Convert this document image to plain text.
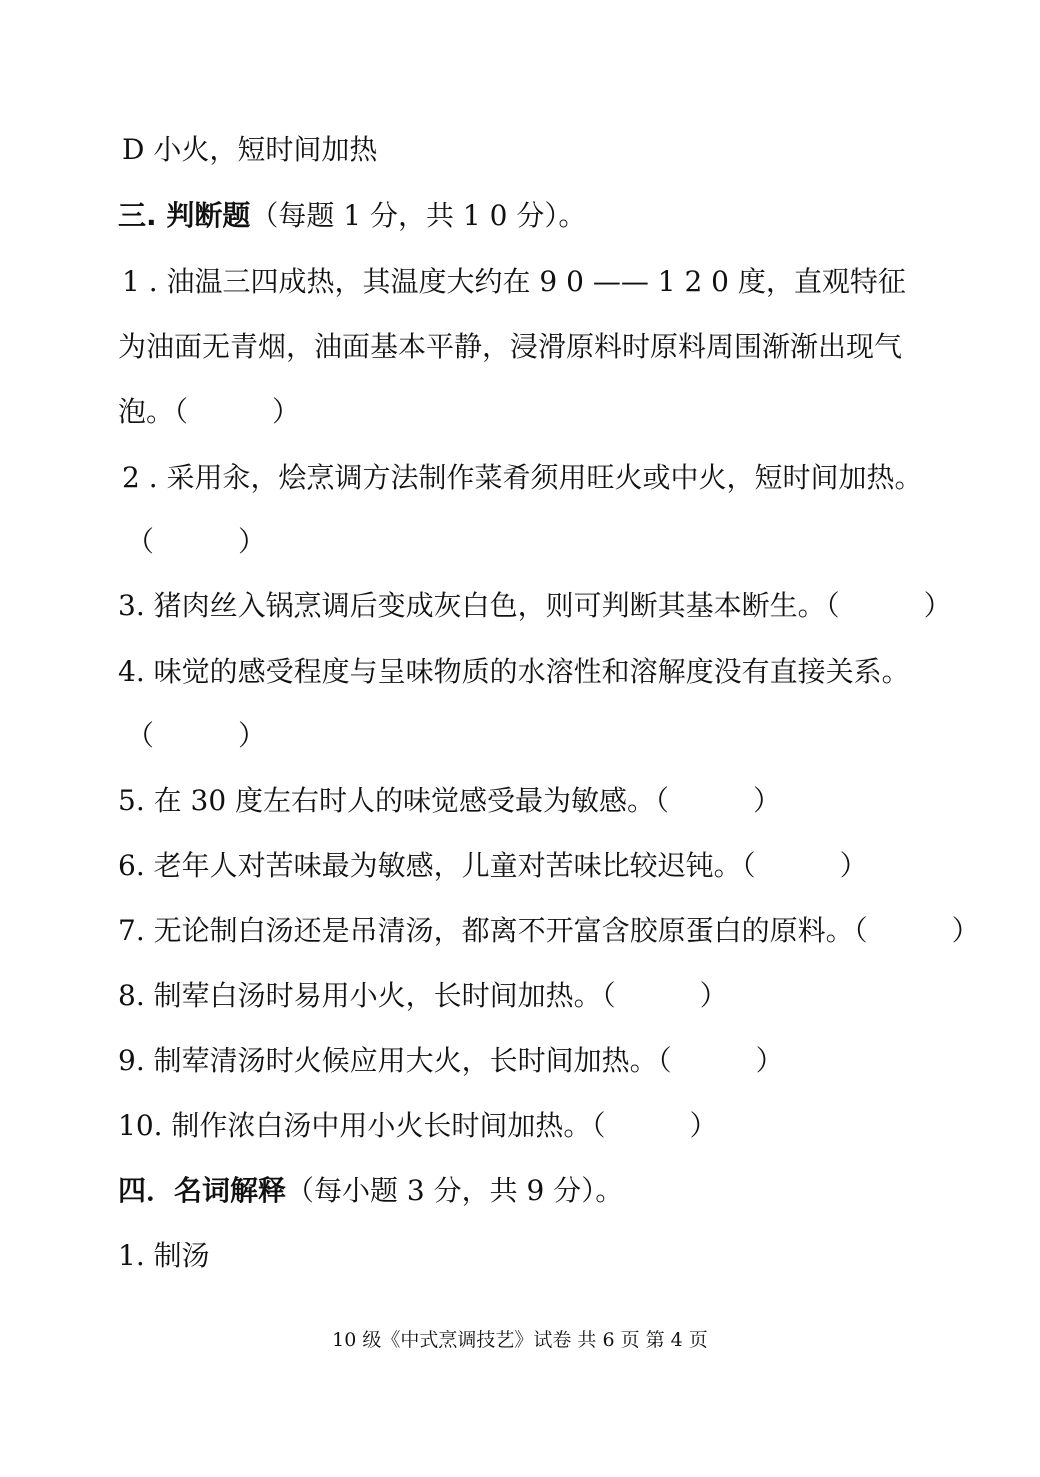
D 小火，短时间加热
三. 判断题（每题 1 分，共 1 0 分）。
1 . 油温三四成热，其温度大约在 9 0 —— 1 2 0 度，直观特征
为油面无青烟，油面基本平静，浸滑原料时原料周围渐渐出现气
泡。（　　　）
2 . 采用汆，烩烹调方法制作菜肴须用旺火或中火，短时间加热。
（　　　）
3. 猪肉丝入锅烹调后变成灰白色，则可判断其基本断生。（　　　）
4. 味觉的感受程度与呈味物质的水溶性和溶解度没有直接关系。
（　　　）
5. 在 30 度左右时人的味觉感受最为敏感。（　　　）
6. 老年人对苦味最为敏感，儿童对苦味比较迟钝。（　　　）
7. 无论制白汤还是吊清汤，都离不开富含胶原蛋白的原料。（　　　）
8. 制荤白汤时易用小火，长时间加热。（　　　）
9. 制荤清汤时火候应用大火，长时间加热。（　　　）
10. 制作浓白汤中用小火长时间加热。（　　　）
四．名词解释（每小题 3 分，共 9 分）。
1. 制汤
10 级《中式烹调技艺》试卷 共 6 页 第 4 页
